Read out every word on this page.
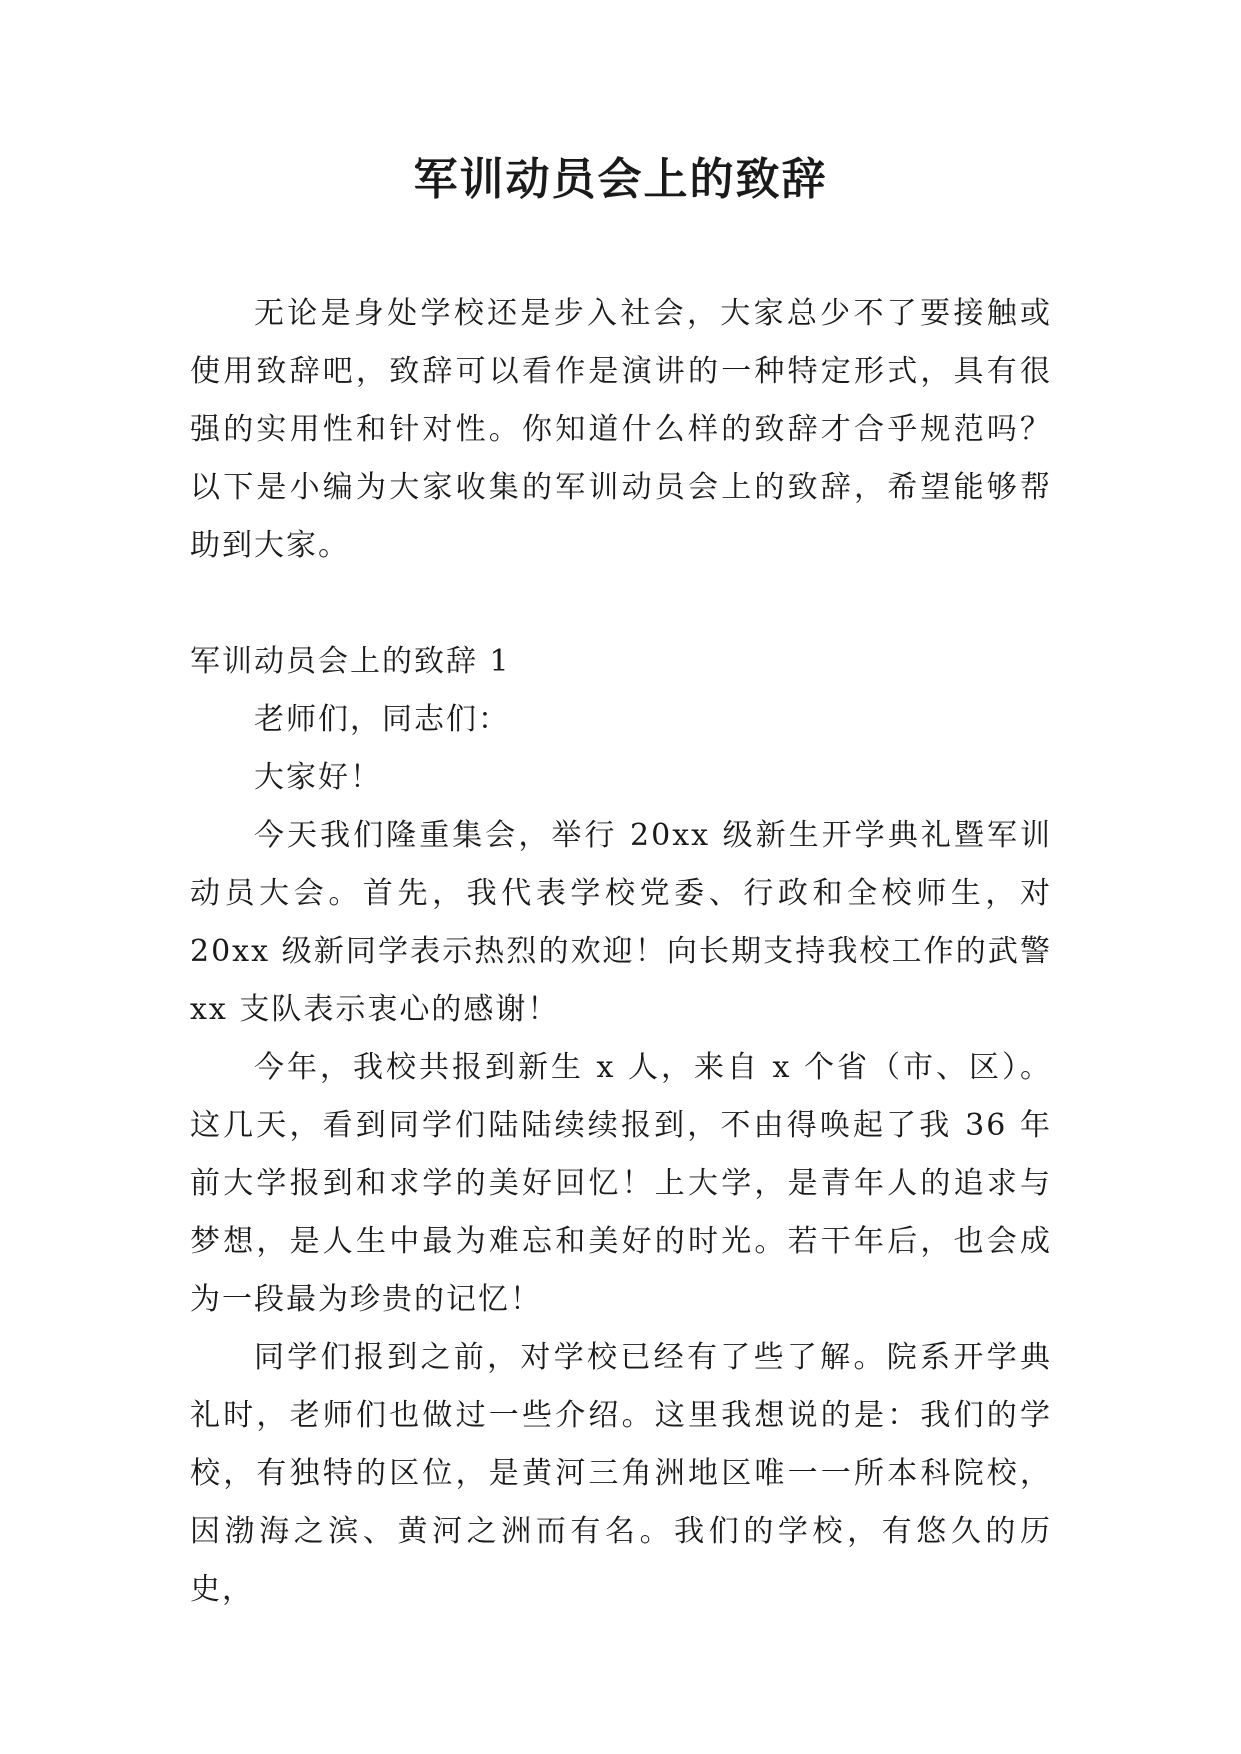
军训动员会上的致辞

无论是身处学校还是步入社会，大家总少不了要接触或使用致辞吧，致辞可以看作是演讲的一种特定形式，具有很强的实用性和针对性。你知道什么样的致辞才合乎规范吗？以下是小编为大家收集的军训动员会上的致辞，希望能够帮助到大家。

军训动员会上的致辞 1

老师们，同志们：

大家好！

今天我们隆重集会，举行 20xx 级新生开学典礼暨军训动员大会。首先，我代表学校党委、行政和全校师生，对 20xx 级新同学表示热烈的欢迎！向长期支持我校工作的武警 xx 支队表示衷心的感谢！

今年，我校共报到新生 x 人，来自 x 个省（市、区）。这几天，看到同学们陆陆续续报到，不由得唤起了我 36 年前大学报到和求学的美好回忆！上大学，是青年人的追求与梦想，是人生中最为难忘和美好的时光。若干年后，也会成为一段最为珍贵的记忆！

同学们报到之前，对学校已经有了些了解。院系开学典礼时，老师们也做过一些介绍。这里我想说的是：我们的学校，有独特的区位，是黄河三角洲地区唯一一所本科院校，因渤海之滨、黄河之洲而有名。我们的学校，有悠久的历史，
